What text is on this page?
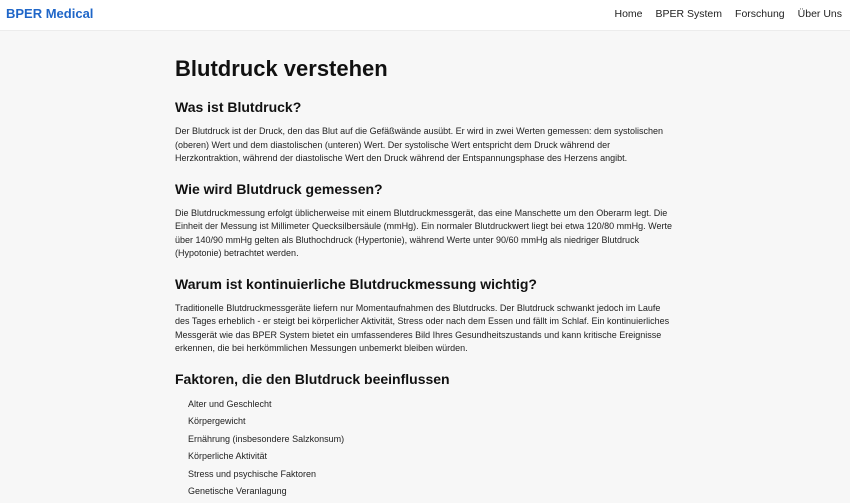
BPER Medical	Home BPER System Forschung Über Uns
Blutdruck verstehen
Was ist Blutdruck?

Der Blutdruck ist der Druck, den das Blut auf die Gefäßwände ausübt. Er wird in zwei Werten gemessen: dem systolischen (oberen) Wert und dem diastolischen (unteren) Wert. Der systolische Wert entspricht dem Druck während der Herzkontraktion, während der diastolische Wert den Druck während der Entspannungsphase des Herzens angibt.

Wie wird Blutdruck gemessen?

Die Blutdruckmessung erfolgt üblicherweise mit einem Blutdruckmessgerät, das eine Manschette um den Oberarm legt. Die Einheit der Messung ist Millimeter Quecksilbersäule (mmHg). Ein normaler Blutdruckwert liegt bei etwa 120/80 mmHg. Werte über 140/90 mmHg gelten als Bluthochdruck (Hypertonie), während Werte unter 90/60 mmHg als niedriger Blutdruck (Hypotonie) betrachtet werden.

Warum ist kontinuierliche Blutdruckmessung wichtig?

Traditionelle Blutdruckmessgeräte liefern nur Momentaufnahmen des Blutdrucks. Der Blutdruck schwankt jedoch im Laufe des Tages erheblich - er steigt bei körperlicher Aktivität, Stress oder nach dem Essen und fällt im Schlaf. Ein kontinuierliches Messgerät wie das BPER System bietet ein umfassenderes Bild Ihres Gesundheitszustands und kann kritische Ereignisse erkennen, die bei herkömmlichen Messungen unbemerkt bleiben würden.

Faktoren, die den Blutdruck beeinflussen
Alter und Geschlecht
Körpergewicht
Ernährung (insbesondere Salzkonsum)
Körperliche Aktivität
Stress und psychische Faktoren
Genetische Veranlagung
